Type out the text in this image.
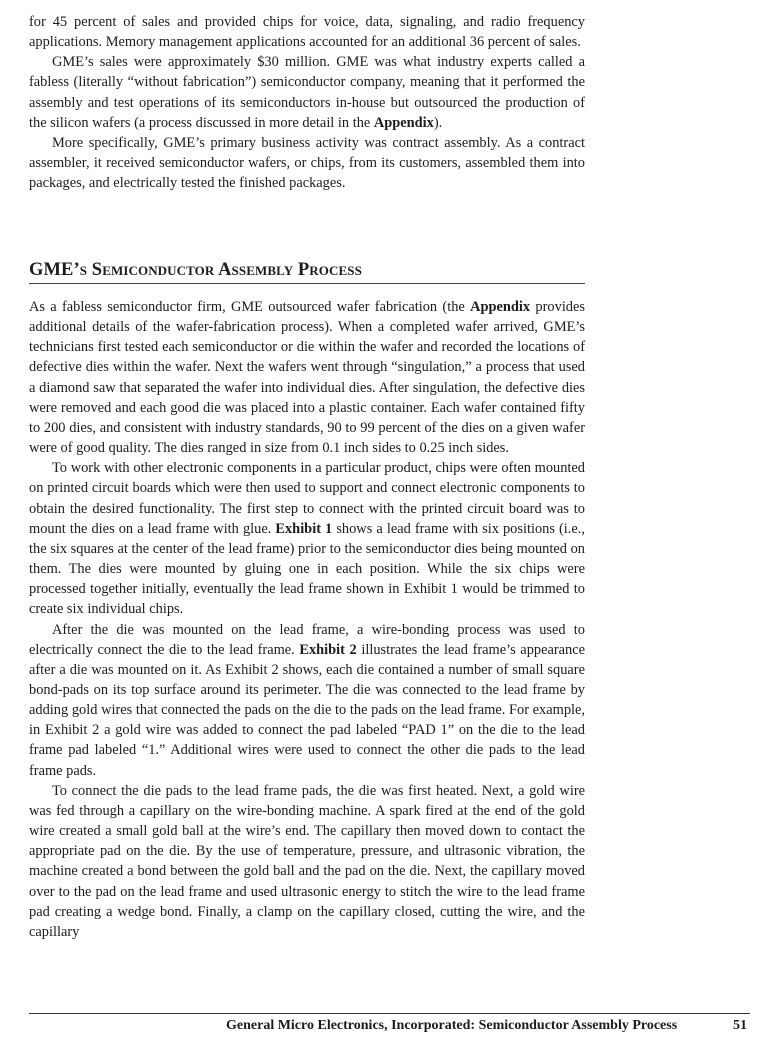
for 45 percent of sales and provided chips for voice, data, signaling, and radio frequency applications. Memory management applications accounted for an additional 36 percent of sales.

GME’s sales were approximately $30 million. GME was what industry experts called a fabless (literally “without fabrication”) semiconductor company, meaning that it performed the assembly and test operations of its semiconductors in-house but outsourced the production of the silicon wafers (a process discussed in more detail in the Appendix).

More specifically, GME’s primary business activity was contract assembly. As a contract assembler, it received semiconductor wafers, or chips, from its customers, assembled them into packages, and electrically tested the finished packages.

GME’s Semiconductor Assembly Process

As a fabless semiconductor firm, GME outsourced wafer fabrication (the Appendix provides additional details of the wafer-fabrication process). When a completed wafer arrived, GME’s technicians first tested each semiconductor or die within the wafer and recorded the locations of defective dies within the wafer. Next the wafers went through “singulation,” a process that used a diamond saw that separated the wafer into individual dies. After singulation, the defective dies were removed and each good die was placed into a plastic container. Each wafer contained fifty to 200 dies, and consistent with industry standards, 90 to 99 percent of the dies on a given wafer were of good quality. The dies ranged in size from 0.1 inch sides to 0.25 inch sides.

To work with other electronic components in a particular product, chips were often mounted on printed circuit boards which were then used to support and connect electronic components to obtain the desired functionality. The first step to connect with the printed circuit board was to mount the dies on a lead frame with glue. Exhibit 1 shows a lead frame with six positions (i.e., the six squares at the center of the lead frame) prior to the semiconductor dies being mounted on them. The dies were mounted by gluing one in each position. While the six chips were processed together initially, eventually the lead frame shown in Exhibit 1 would be trimmed to create six individual chips.

After the die was mounted on the lead frame, a wire-bonding process was used to electrically connect the die to the lead frame. Exhibit 2 illustrates the lead frame’s appearance after a die was mounted on it. As Exhibit 2 shows, each die contained a number of small square bond-pads on its top surface around its perimeter. The die was connected to the lead frame by adding gold wires that connected the pads on the die to the pads on the lead frame. For example, in Exhibit 2 a gold wire was added to connect the pad labeled “PAD 1” on the die to the lead frame pad labeled “1.” Additional wires were used to connect the other die pads to the lead frame pads.

To connect the die pads to the lead frame pads, the die was first heated. Next, a gold wire was fed through a capillary on the wire-bonding machine. A spark fired at the end of the gold wire created a small gold ball at the wire’s end. The capillary then moved down to contact the appropriate pad on the die. By the use of temperature, pressure, and ultrasonic vibration, the machine created a bond between the gold ball and the pad on the die. Next, the capillary moved over to the pad on the lead frame and used ultrasonic energy to stitch the wire to the lead frame pad creating a wedge bond. Finally, a clamp on the capillary closed, cutting the wire, and the capillary

General Micro Electronics, Incorporated: Semiconductor Assembly Process	51
